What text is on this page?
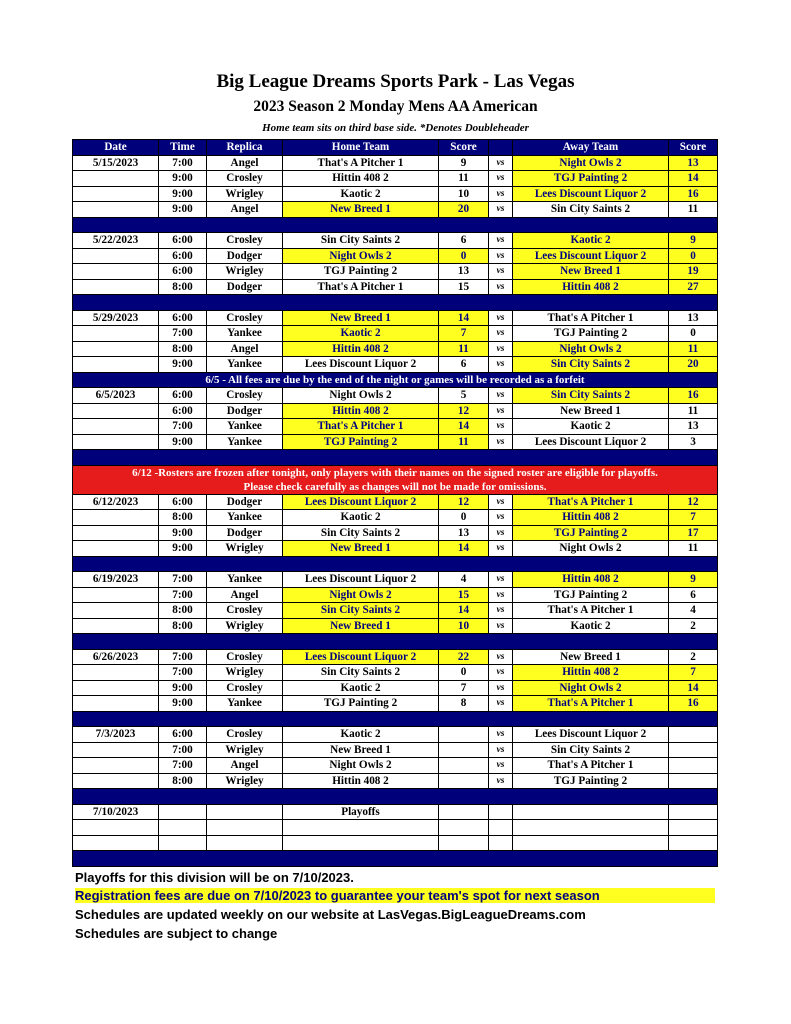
Big League Dreams Sports Park - Las Vegas
2023 Season 2 Monday Mens AA American
Home team sits on third base side. *Denotes Doubleheader
Date	Time	Replica	Home Team	Score		Away Team	Score
5/15/2023	7:00	Angel	That's A Pitcher 1	9	vs	Night Owls 2	13
	9:00	Crosley	Hittin 408 2	11	vs	TGJ Painting 2	14
	9:00	Wrigley	Kaotic 2	10	vs	Lees Discount Liquor 2	16
	9:00	Angel	New Breed 1	20	vs	Sin City Saints 2	11

5/22/2023	6:00	Crosley	Sin City Saints 2	6	vs	Kaotic 2	9
	6:00	Dodger	Night Owls 2	0	vs	Lees Discount Liquor 2	0
	6:00	Wrigley	TGJ Painting 2	13	vs	New Breed 1	19
	8:00	Dodger	That's A Pitcher 1	15	vs	Hittin 408 2	27

5/29/2023	6:00	Crosley	New Breed 1	14	vs	That's A Pitcher 1	13
	7:00	Yankee	Kaotic 2	7	vs	TGJ Painting 2	0
	8:00	Angel	Hittin 408 2	11	vs	Night Owls 2	11
	9:00	Yankee	Lees Discount Liquor 2	6	vs	Sin City Saints 2	20
6/5 - All fees are due by the end of the night or games will be recorded as a forfeit							
6/5/2023	6:00	Crosley	Night Owls 2	5	vs	Sin City Saints 2	16
	6:00	Dodger	Hittin 408 2	12	vs	New Breed 1	11
	7:00	Yankee	That's A Pitcher 1	14	vs	Kaotic 2	13
	9:00	Yankee	TGJ Painting 2	11	vs	Lees Discount Liquor 2	3

6/12 -Rosters are frozen after tonight, only players with their names on the signed roster are eligible for playoffs.
Please check carefully as changes will not be made for omissions.							

6/12/2023	6:00	Dodger	Lees Discount Liquor 2	12	vs	That's A Pitcher 1	12
	8:00	Yankee	Kaotic 2	0	vs	Hittin 408 2	7
	9:00	Dodger	Sin City Saints 2	13	vs	TGJ Painting 2	17
	9:00	Wrigley	New Breed 1	14	vs	Night Owls 2	11

6/19/2023	7:00	Yankee	Lees Discount Liquor 2	4	vs	Hittin 408 2	9
	7:00	Angel	Night Owls 2	15	vs	TGJ Painting 2	6
	8:00	Crosley	Sin City Saints 2	14	vs	That's A Pitcher 1	4
	8:00	Wrigley	New Breed 1	10	vs	Kaotic 2	2

6/26/2023	7:00	Crosley	Lees Discount Liquor 2	22	vs	New Breed 1	2
	7:00	Wrigley	Sin City Saints 2	0	vs	Hittin 408 2	7
	9:00	Crosley	Kaotic 2	7	vs	Night Owls 2	14
	9:00	Yankee	TGJ Painting 2	8	vs	That's A Pitcher 1	16

7/3/2023	6:00	Crosley	Kaotic 2		vs	Lees Discount Liquor 2	
	7:00	Wrigley	New Breed 1		vs	Sin City Saints 2	
	7:00	Angel	Night Owls 2		vs	That's A Pitcher 1	
	8:00	Wrigley	Hittin 408 2		vs	TGJ Painting 2	

7/10/2023			Playoffs				

Playoffs for this division will be on 7/10/2023.
Registration fees are due on 7/10/2023 to guarantee your team's spot for next season
Schedules are updated weekly on our website at LasVegas.BigLeagueDreams.com
Schedules are subject to change
